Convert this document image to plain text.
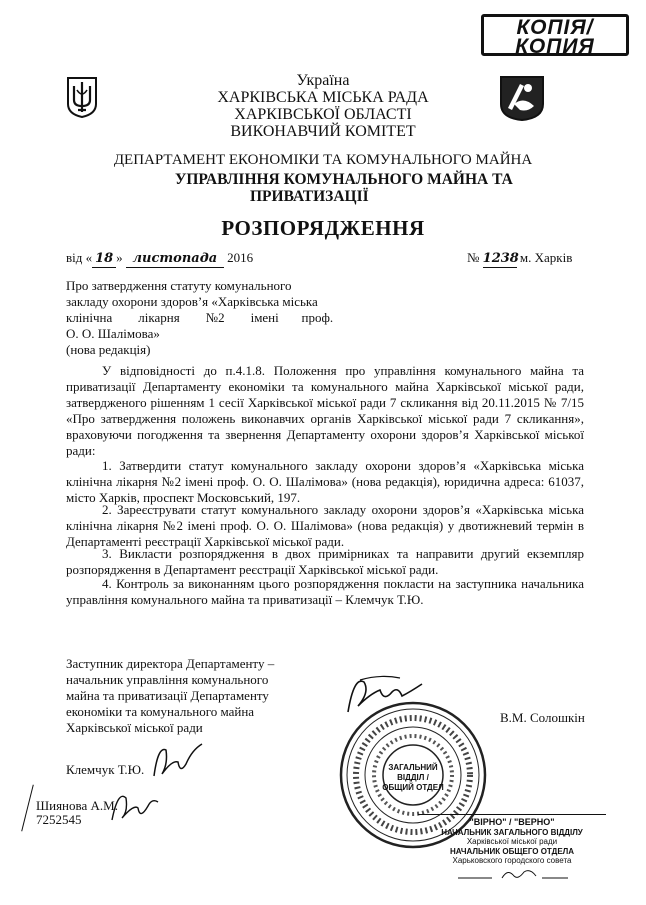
КОПІЯ/
КОПИЯ
Україна
ХАРКІВСЬКА МІСЬКА РАДА
ХАРКІВСЬКОЇ ОБЛАСТІ
ВИКОНАВЧИЙ КОМІТЕТ
ДЕПАРТАМЕНТ ЕКОНОМІКИ ТА КОМУНАЛЬНОГО МАЙНА
УПРАВЛІННЯ КОМУНАЛЬНОГО МАЙНА ТА
ПРИВАТИЗАЦІЇ
РОЗПОРЯДЖЕННЯ
від « 18 » листопада 2016	№ 1238 м. Харків
Про затвердження статуту комунального
закладу охорони здоров’я «Харківська міська
клінічна        лікарня        №2        імені       проф.
О. О. Шалімова»
(нова редакція)
У відповідності до п.4.1.8. Положення про управління комунального майна та приватизації Департаменту економіки та комунального майна Харківської міської ради, затвердженого рішенням 1 сесії Харківської міської ради 7 скликання від 20.11.2015 № 7/15 «Про затвердження положень виконавчих органів Харківської міської ради 7 скликання», враховуючи погодження та звернення Департаменту охорони здоров’я Харківської міської ради:
1. Затвердити статут комунального закладу охорони здоров’я «Харківська міська клінічна лікарня №2 імені проф. О. О. Шалімова» (нова редакція), юридична адреса: 61037, місто Харків, проспект Московський, 197.
2. Зареєструвати статут комунального закладу охорони здоров’я «Харківська міська клінічна лікарня №2 імені проф. О. О. Шалімова» (нова редакція) у двотижневий термін в Департаменті реєстрації Харківської міської ради.
3. Викласти розпорядження в двох примірниках та направити другий екземпляр розпорядження в Департамент реєстрації Харківської міської ради.
4. Контроль за виконанням цього розпорядження покласти на заступника начальника управління комунального майна та приватизації – Клемчук Т.Ю.
Заступник директора Департаменту –
начальник управління комунального
майна та приватизації Департаменту
економіки та комунального майна
Харківської міської ради
В.М. Солошкін
ЗАГАЛЬНИЙ
ВІДДІЛ /
ОБЩИЙ ОТДЕЛ
Клемчук Т.Ю.
Шиянова А.М.
7252545	"ВІРНО" / "ВЕРНО"
НАЧАЛЬНИК ЗАГАЛЬНОГО ВІДДІЛУ
Харківської міської ради
НАЧАЛЬНИК ОБЩЕГО ОТДЕЛА
Харьковского городского совета
